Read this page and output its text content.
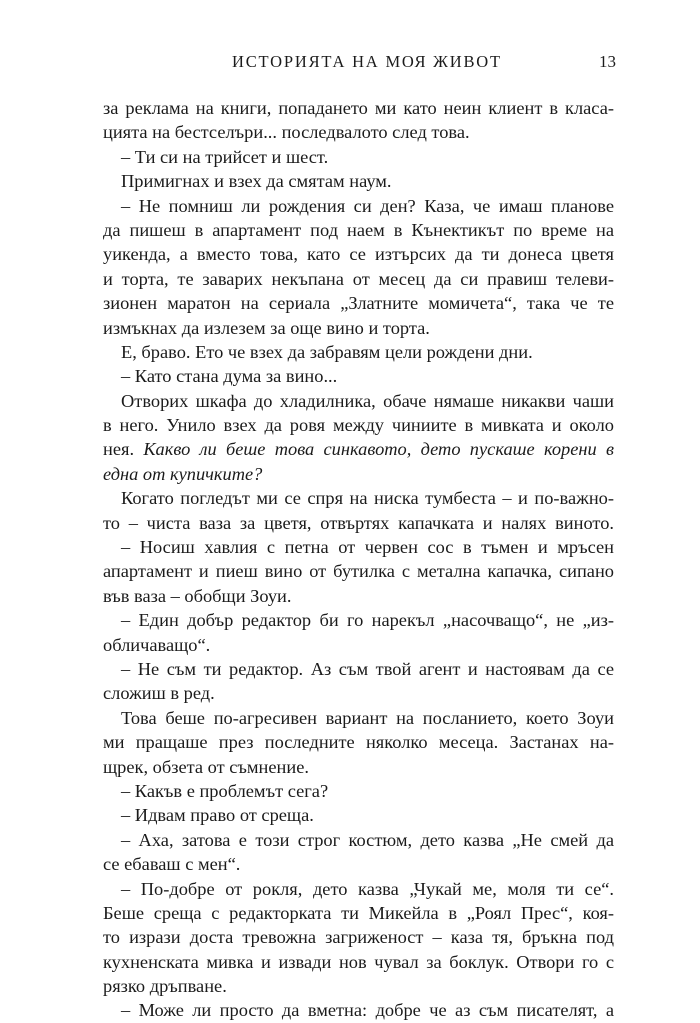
ИСТОРИЯТА НА МОЯ ЖИВОТ	13
за реклама на книги, попадането ми като неин клиент в класа-
цията на бестселъри... последвалото след това.
– Ти си на трийсет и шест.
Примигнах и взех да смятам наум.
– Не помниш ли рождения си ден? Каза, че имаш планове
да пишеш в апартамент под наем в Кънектикът по време на
уикенда, а вместо това, като се изтърсих да ти донеса цветя
и торта, те заварих некъпана от месец да си правиш телеви-
зионен маратон на сериала „Златните момичета“, така че те
измъкнах да излезем за още вино и торта.
Е, браво. Ето че взех да забравям цели рождени дни.
– Като стана дума за вино...
Отворих шкафа до хладилника, обаче нямаше никакви чаши
в него. Унило взех да ровя между чиниите в мивката и около
нея. Какво ли беше това синкавото, дето пускаше корени в
една от купичките?
Когато погледът ми се спря на ниска тумбеста – и по-важно-
то – чиста ваза за цветя, отвъртях капачката и налях виното.
– Носиш хавлия с петна от червен сос в тъмен и мръсен
апартамент и пиеш вино от бутилка с метална капачка, сипано
във ваза – обобщи Зоуи.
– Един добър редактор би го нарекъл „насочващо“, не „из-
обличаващо“.
– Не съм ти редактор. Аз съм твой агент и настоявам да се
сложиш в ред.
Това беше по-агресивен вариант на посланието, което Зоуи
ми пращаше през последните няколко месеца. Застанах на-
щрек, обзета от съмнение.
– Какъв е проблемът сега?
– Идвам право от среща.
– Аха, затова е този строг костюм, дето казва „Не смей да
се ебаваш с мен“.
– По-добре от рокля, дето казва „Чукай ме, моля ти се“.
Беше среща с редакторката ти Микейла в „Роял Прес“, коя-
то изрази доста тревожна загриженост – каза тя, бръкна под
кухненската мивка и извади нов чувал за боклук. Отвори го с
рязко дръпване.
– Може ли просто да вметна: добре че аз съм писателят, а
